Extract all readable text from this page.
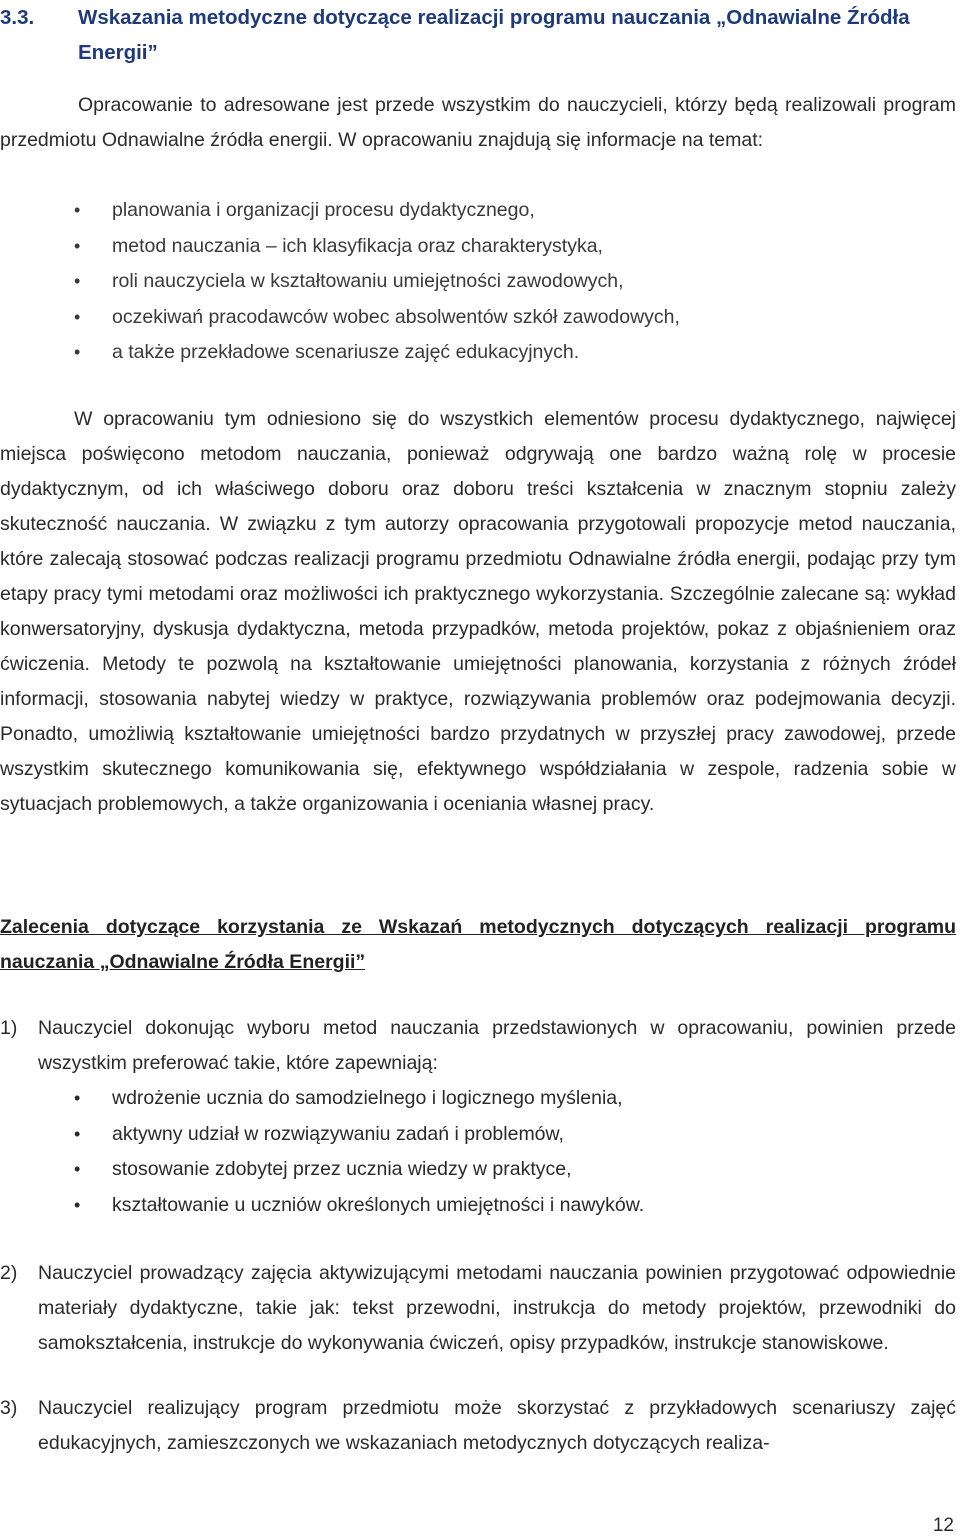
3.3. Wskazania metodyczne dotyczące realizacji programu nauczania „Odnawialne Źródła Energii”

Opracowanie to adresowane jest przede wszystkim do nauczycieli, którzy będą realizowali program przedmiotu Odnawialne źródła energii. W opracowaniu znajdują się informacje na temat:

• planowania i organizacji procesu dydaktycznego,
• metod nauczania – ich klasyfikacja oraz charakterystyka,
• roli nauczyciela w kształtowaniu umiejętności zawodowych,
• oczekiwań pracodawców wobec absolwentów szkół zawodowych,
• a także przekładowe scenariusze zajęć edukacyjnych.

W opracowaniu tym odniesiono się do wszystkich elementów procesu dydaktycznego, najwięcej miejsca poświęcono metodom nauczania, ponieważ odgrywają one bardzo ważną rolę w procesie dydaktycznym, od ich właściwego doboru oraz doboru treści kształcenia w znacznym stopniu zależy skuteczność nauczania. W związku z tym autorzy opracowania przygotowali propozycje metod nauczania, które zalecają stosować podczas realizacji programu przedmiotu Odnawialne źródła energii, podając przy tym etapy pracy tymi metodami oraz możliwości ich praktycznego wykorzystania. Szczególnie zalecane są: wykład konwersatoryjny, dyskusja dydaktyczna, metoda przypadków, metoda projektów, pokaz z objaśnieniem oraz ćwiczenia. Metody te pozwolą na kształtowanie umiejętności planowania, korzystania z różnych źródeł informacji, stosowania nabytej wiedzy w praktyce, rozwiązywania problemów oraz podejmowania decyzji. Ponadto, umożliwią kształtowanie umiejętności bardzo przydatnych w przyszłej pracy zawodowej, przede wszystkim skutecznego komunikowania się, efektywnego współdziałania w zespole, radzenia sobie w sytuacjach problemowych, a także organizowania i oceniania własnej pracy.

Zalecenia dotyczące korzystania ze Wskazań metodycznych dotyczących realizacji programu nauczania „Odnawialne Źródła Energii”
1) Nauczyciel dokonując wyboru metod nauczania przedstawionych w opracowaniu, powinien przede wszystkim preferować takie, które zapewniają:
• wdrożenie ucznia do samodzielnego i logicznego myślenia,
• aktywny udział w rozwiązywaniu zadań i problemów,
• stosowanie zdobytej przez ucznia wiedzy w praktyce,
• kształtowanie u uczniów określonych umiejętności i nawyków.
2) Nauczyciel prowadzący zajęcia aktywizującymi metodami nauczania powinien przygotować odpowiednie materiały dydaktyczne, takie jak: tekst przewodni, instrukcja do metody projektów, przewodniki do samokształcenia, instrukcje do wykonywania ćwiczeń, opisy przypadków, instrukcje stanowiskowe.
3) Nauczyciel realizujący program przedmiotu może skorzystać z przykładowych scenariuszy zajęć edukacyjnych, zamieszczonych we wskazaniach metodycznych dotyczących realiza-
12
